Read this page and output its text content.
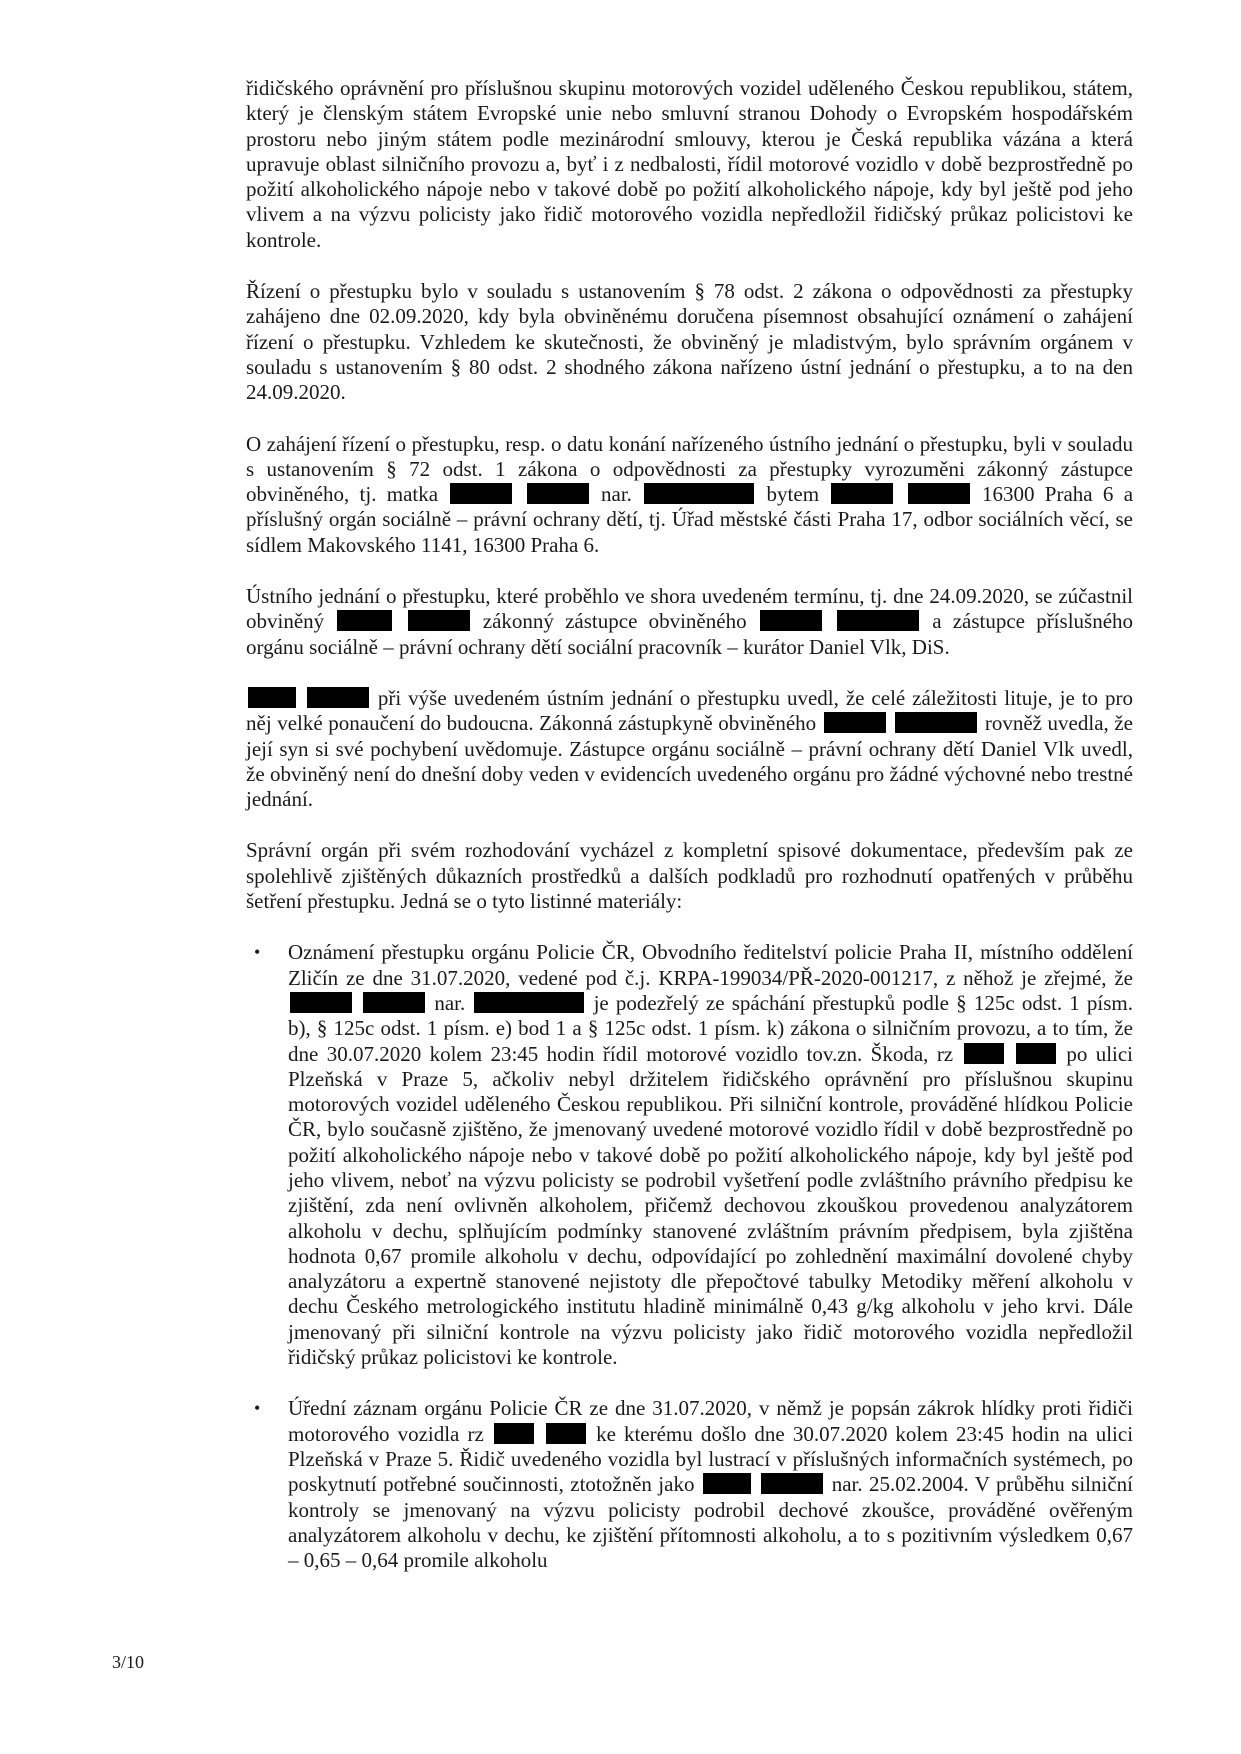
řidičského oprávnění pro příslušnou skupinu motorových vozidel uděleného Českou republikou, státem, který je členským státem Evropské unie nebo smluvní stranou Dohody o Evropském hospodářském prostoru nebo jiným státem podle mezinárodní smlouvy, kterou je Česká republika vázána a která upravuje oblast silničního provozu a, byť i z nedbalosti, řídil motorové vozidlo v době bezprostředně po požití alkoholického nápoje nebo v takové době po požití alkoholického nápoje, kdy byl ještě pod jeho vlivem a na výzvu policisty jako řidič motorového vozidla nepředložil řidičský průkaz policistovi ke kontrole.

Řízení o přestupku bylo v souladu s ustanovením § 78 odst. 2 zákona o odpovědnosti za přestupky zahájeno dne 02.09.2020, kdy byla obviněnému doručena písemnost obsahující oznámení o zahájení řízení o přestupku. Vzhledem ke skutečnosti, že obviněný je mladistvým, bylo správním orgánem v souladu s ustanovením § 80 odst. 2 shodného zákona nařízeno ústní jednání o přestupku, a to na den 24.09.2020.

O zahájení řízení o přestupku, resp. o datu konání nařízeného ústního jednání o přestupku, byli v souladu s ustanovením § 72 odst. 1 zákona o odpovědnosti za přestupky vyrozuměni zákonný zástupce obviněného, tj. matka	nar.	bytem	16300 Praha 6 a příslušný orgán sociálně – právní ochrany dětí, tj. Úřad městské části Praha 17, odbor sociálních věcí, se sídlem Makovského 1141, 16300 Praha 6.

Ústního jednání o přestupku, které proběhlo ve shora uvedeném termínu, tj. dne 24.09.2020, se zúčastnil obviněný	zákonný zástupce obviněného	a zástupce příslušného orgánu sociálně – právní ochrany dětí sociální pracovník – kurátor Daniel Vlk, DiS.

při výše uvedeném ústním jednání o přestupku uvedl, že celé záležitosti lituje, je to pro něj velké ponaučení do budoucna. Zákonná zástupkyně obviněného	rovněž uvedla, že její syn si své pochybení uvědomuje. Zástupce orgánu sociálně – právní ochrany dětí Daniel Vlk uvedl, že obviněný není do dnešní doby veden v evidencích uvedeného orgánu pro žádné výchovné nebo trestné jednání.

Správní orgán při svém rozhodování vycházel z kompletní spisové dokumentace, především pak ze spolehlivě zjištěných důkazních prostředků a dalších podkladů pro rozhodnutí opatřených v průběhu šetření přestupku. Jedná se o tyto listinné materiály:

• Oznámení přestupku orgánu Policie ČR, Obvodního ředitelství policie Praha II, místního oddělení Zličín ze dne 31.07.2020, vedené pod č.j. KRPA-199034/PŘ-2020-001217, z něhož je zřejmé, že   nar.	je podezřelý ze spáchání přestupků podle § 125c odst. 1 písm. b), § 125c odst. 1 písm. e) bod 1 a § 125c odst. 1 písm. k) zákona o silničním provozu, a to tím, že dne 30.07.2020 kolem 23:45 hodin řídil motorové vozidlo tov.zn. Škoda, rz	po ulici Plzeňská v Praze 5, ačkoliv nebyl držitelem řidičského oprávnění pro příslušnou skupinu motorových vozidel uděleného Českou republikou. Při silniční kontrole, prováděné hlídkou Policie ČR, bylo současně zjištěno, že jmenovaný uvedené motorové vozidlo řídil v době bezprostředně po požití alkoholického nápoje nebo v takové době po požití alkoholického nápoje, kdy byl ještě pod jeho vlivem, neboť na výzvu policisty se podrobil vyšetření podle zvláštního právního předpisu ke zjištění, zda není ovlivněn alkoholem, přičemž dechovou zkouškou provedenou analyzátorem alkoholu v dechu, splňujícím podmínky stanovené zvláštním právním předpisem, byla zjištěna hodnota 0,67 promile alkoholu v dechu, odpovídající po zohlednění maximální dovolené chyby analyzátoru a expertně stanovené nejistoty dle přepočtové tabulky Metodiky měření alkoholu v dechu Českého metrologického institutu hladině minimálně 0,43 g/kg alkoholu v jeho krvi. Dále jmenovaný při silniční kontrole na výzvu policisty jako řidič motorového vozidla nepředložil řidičský průkaz policistovi ke kontrole.
• Úřední záznam orgánu Policie ČR ze dne 31.07.2020, v němž je popsán zákrok hlídky proti řidiči motorového vozidla rz	ke kterému došlo dne 30.07.2020 kolem 23:45 hodin na ulici Plzeňská v Praze 5. Řidič uvedeného vozidla byl lustrací v příslušných informačních systémech, po poskytnutí potřebné součinnosti, ztotožněn jako	nar. 25.02.2004. V průběhu silniční kontroly se jmenovaný na výzvu policisty podrobil dechové zkoušce, prováděné ověřeným analyzátorem alkoholu v dechu, ke zjištění přítomnosti alkoholu, a to s pozitivním výsledkem 0,67 – 0,65 – 0,64 promile alkoholu
3/10
